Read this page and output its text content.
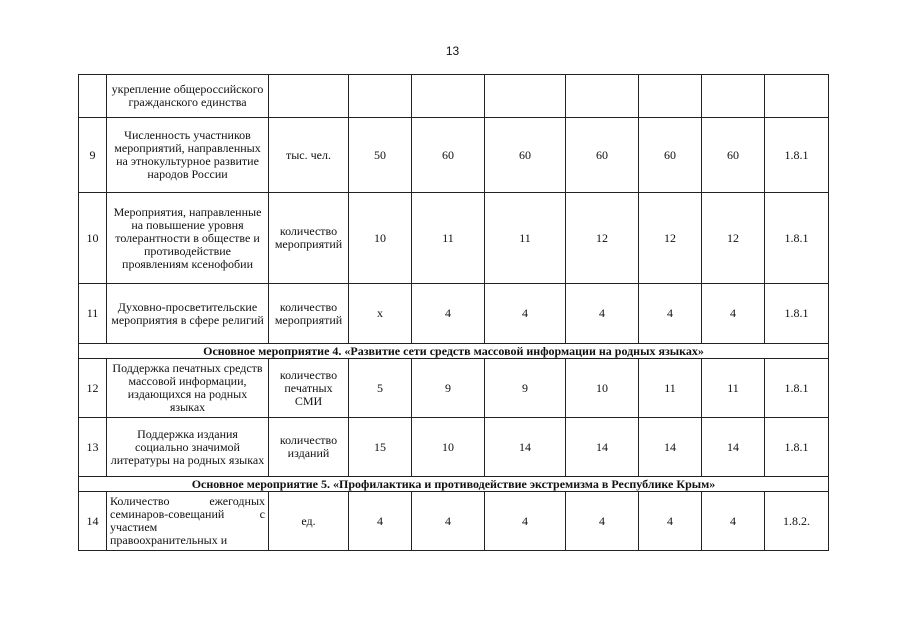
13
	укрепление общероссийского гражданского единства								
9	Численность участников мероприятий, направленных на этнокультурное развитие народов России	тыс. чел.	50	60	60	60	60	60	1.8.1
10	Мероприятия, направленные на повышение уровня толерантности в обществе и противодействие проявлениям ксенофобии	количество мероприятий	10	11	11	12	12	12	1.8.1
11	Духовно-просветительские мероприятия в сфере религий	количество мероприятий	х	4	4	4	4	4	1.8.1
Основное мероприятие 4. «Развитие сети средств массовой информации на родных языках»									
12	Поддержка печатных средств массовой информации, издающихся на родных языках	количество печатных СМИ	5	9	9	10	11	11	1.8.1
13	Поддержка издания социально значимой литературы на родных языках	количество изданий	15	10	14	14	14	14	1.8.1
Основное мероприятие 5. «Профилактика и противодействие экстремизма в Республике Крым»									
14	Количество ежегодных семинаров-совещаний с участием правоохранительных и	ед.	4	4	4	4	4	4	1.8.2.
